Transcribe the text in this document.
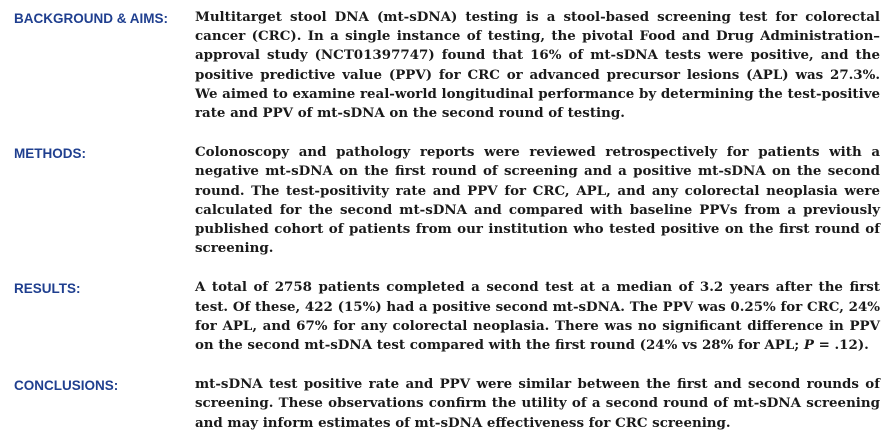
BACKGROUND & AIMS:	Multitarget stool DNA (mt-sDNA) testing is a stool-based screening test for colorectal cancer (CRC). In a single instance of testing, the pivotal Food and Drug Administration–approval study (NCT01397747) found that 16% of mt-sDNA tests were positive, and the positive predictive value (PPV) for CRC or advanced precursor lesions (APL) was 27.3%. We aimed to examine real-world longitudinal performance by determining the test-positive rate and PPV of mt-sDNA on the second round of testing.
METHODS:	Colonoscopy and pathology reports were reviewed retrospectively for patients with a negative mt-sDNA on the first round of screening and a positive mt-sDNA on the second round. The test-positivity rate and PPV for CRC, APL, and any colorectal neoplasia were calculated for the second mt-sDNA and compared with baseline PPVs from a previously published cohort of patients from our institution who tested positive on the first round of screening.
RESULTS:	A total of 2758 patients completed a second test at a median of 3.2 years after the first test. Of these, 422 (15%) had a positive second mt-sDNA. The PPV was 0.25% for CRC, 24% for APL, and 67% for any colorectal neoplasia. There was no significant difference in PPV on the second mt-sDNA test compared with the first round (24% vs 28% for APL; P = .12).
CONCLUSIONS:	mt-sDNA test positive rate and PPV were similar between the first and second rounds of screening. These observations confirm the utility of a second round of mt-sDNA screening and may inform estimates of mt-sDNA effectiveness for CRC screening.
